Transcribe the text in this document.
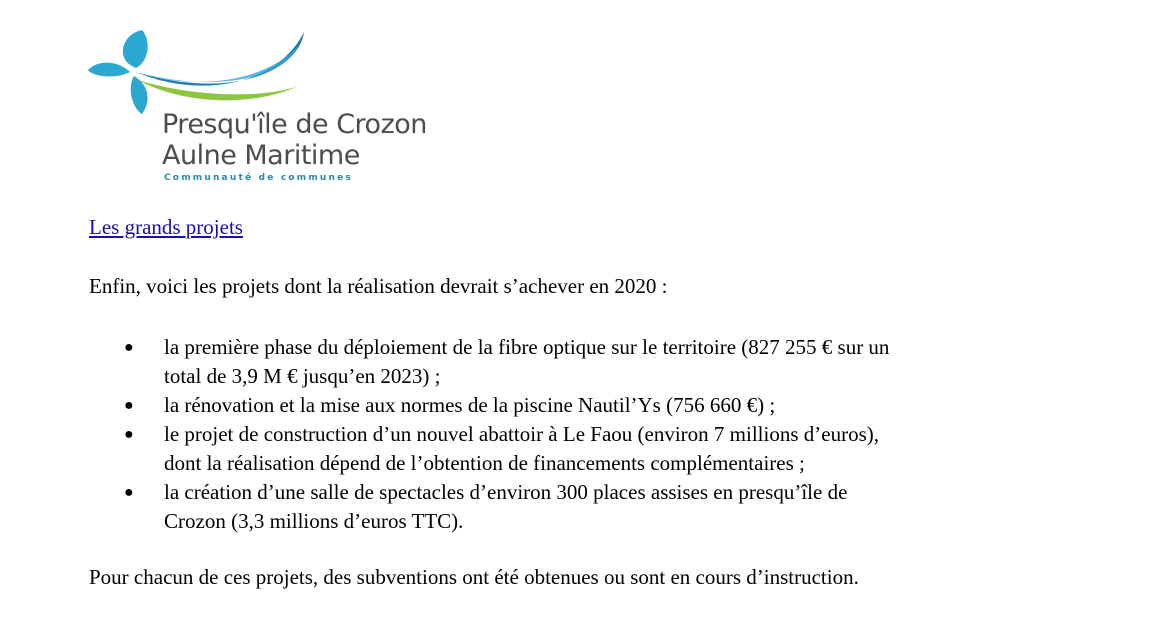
Presqu'île de Crozon
Aulne Maritime
Communauté de communes
Les grands projets
Enfin, voici les projets dont la réalisation devrait s’achever en 2020 :
● la première phase du déploiement de la fibre optique sur le territoire (827 255 € sur un
total de 3,9 M € jusqu’en 2023) ;
● la rénovation et la mise aux normes de la piscine Nautil’Ys (756 660 €) ;
● le projet de construction d’un nouvel abattoir à Le Faou (environ 7 millions d’euros),
dont la réalisation dépend de l’obtention de financements complémentaires ;
● la création d’une salle de spectacles d’environ 300 places assises en presqu’île de
Crozon (3,3 millions d’euros TTC).
Pour chacun de ces projets, des subventions ont été obtenues ou sont en cours d’instruction.
